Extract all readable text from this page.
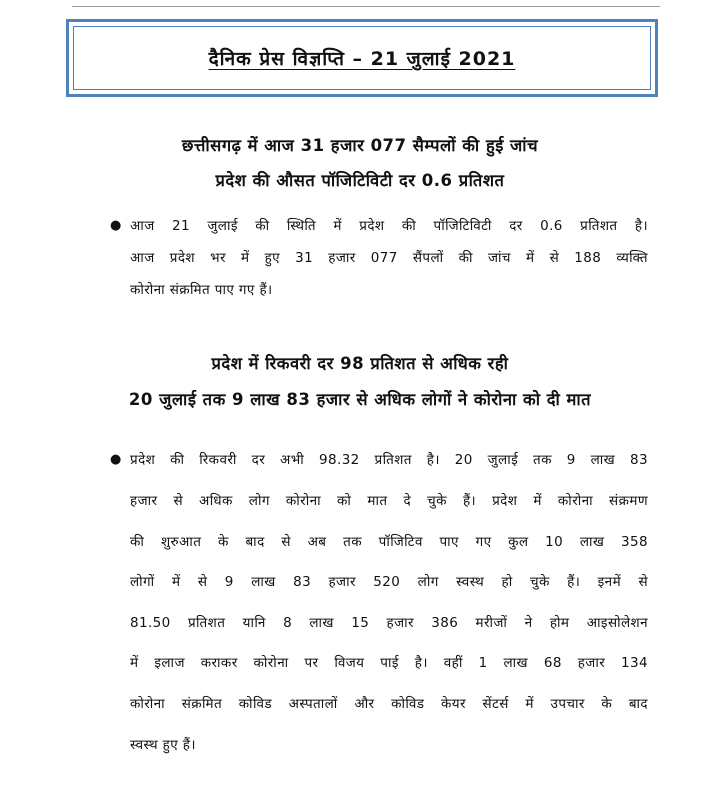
दैनिक प्रेस विज्ञप्ति – 21 जुलाई 2021
छत्तीसगढ़ में आज 31 हजार 077 सैम्पलों की हुई जांच
प्रदेश की औसत पॉजिटिविटी दर 0.6 प्रतिशत
● आज 21 जुलाई की स्थिति में प्रदेश की पॉजिटिविटी दर 0.6 प्रतिशत है।
आज प्रदेश भर में हुए 31 हजार 077 सैंपलों की जांच में से 188 व्यक्ति
कोरोना संक्रमित पाए गए हैं।
प्रदेश में रिकवरी दर 98 प्रतिशत से अधिक रही
20 जुलाई तक 9 लाख 83 हजार से अधिक लोगों ने कोरोना को दी मात
● प्रदेश की रिकवरी दर अभी 98.32 प्रतिशत है। 20 जुलाई तक 9 लाख 83
हजार से अधिक लोग कोरोना को मात दे चुके हैं। प्रदेश में कोरोना संक्रमण
की शुरुआत के बाद से अब तक पॉजिटिव पाए गए कुल 10 लाख 358
लोगों में से 9 लाख 83 हजार 520 लोग स्वस्थ हो चुके हैं। इनमें से
81.50 प्रतिशत यानि 8 लाख 15 हजार 386 मरीजों ने होम आइसोलेशन
में इलाज कराकर कोरोना पर विजय पाई है। वहीं 1 लाख 68 हजार 134
कोरोना संक्रमित कोविड अस्पतालों और कोविड केयर सेंटर्स में उपचार के बाद
स्वस्थ हुए हैं।
